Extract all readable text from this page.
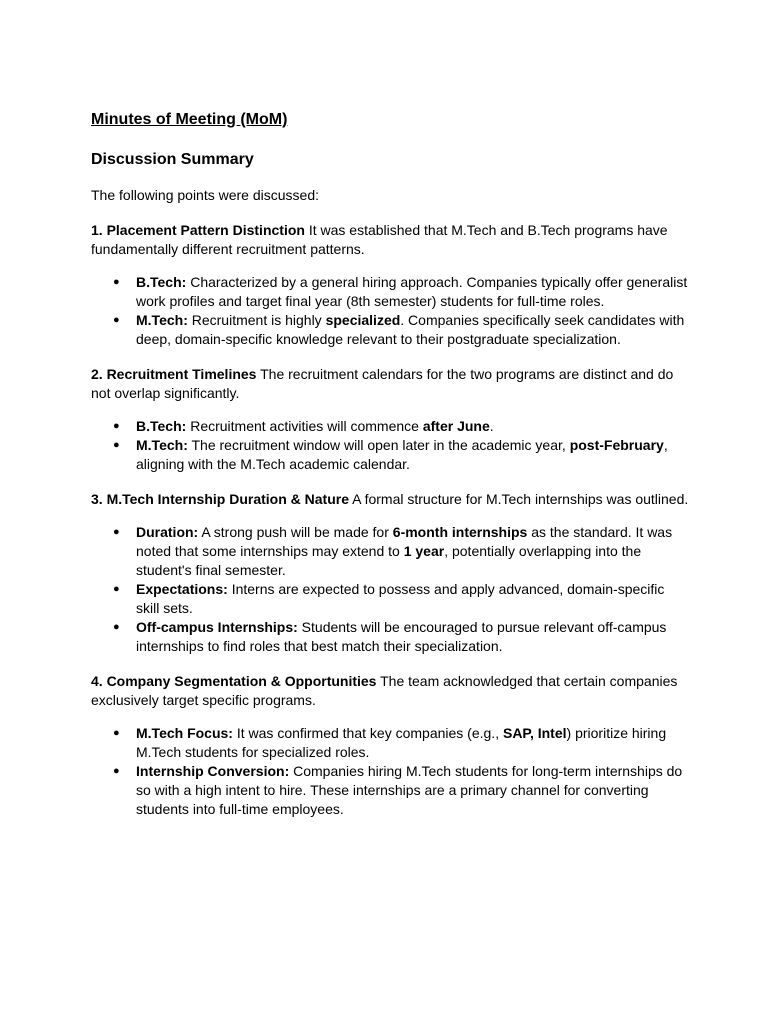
Minutes of Meeting (MoM)
Discussion Summary

The following points were discussed:

1. Placement Pattern Distinction It was established that M.Tech and B.Tech programs have fundamentally different recruitment patterns.

● B.Tech: Characterized by a general hiring approach. Companies typically offer generalist work profiles and target final year (8th semester) students for full-time roles.
● M.Tech: Recruitment is highly specialized. Companies specifically seek candidates with deep, domain-specific knowledge relevant to their postgraduate specialization.

2. Recruitment Timelines The recruitment calendars for the two programs are distinct and do not overlap significantly.

● B.Tech: Recruitment activities will commence after June.
● M.Tech: The recruitment window will open later in the academic year, post-February, aligning with the M.Tech academic calendar.

3. M.Tech Internship Duration & Nature A formal structure for M.Tech internships was outlined.

● Duration: A strong push will be made for 6-month internships as the standard. It was noted that some internships may extend to 1 year, potentially overlapping into the student's final semester.
● Expectations: Interns are expected to possess and apply advanced, domain-specific skill sets.
● Off-campus Internships: Students will be encouraged to pursue relevant off-campus internships to find roles that best match their specialization.

4. Company Segmentation & Opportunities The team acknowledged that certain companies exclusively target specific programs.

● M.Tech Focus: It was confirmed that key companies (e.g., SAP, Intel) prioritize hiring M.Tech students for specialized roles.
● Internship Conversion: Companies hiring M.Tech students for long-term internships do so with a high intent to hire. These internships are a primary channel for converting students into full-time employees.
